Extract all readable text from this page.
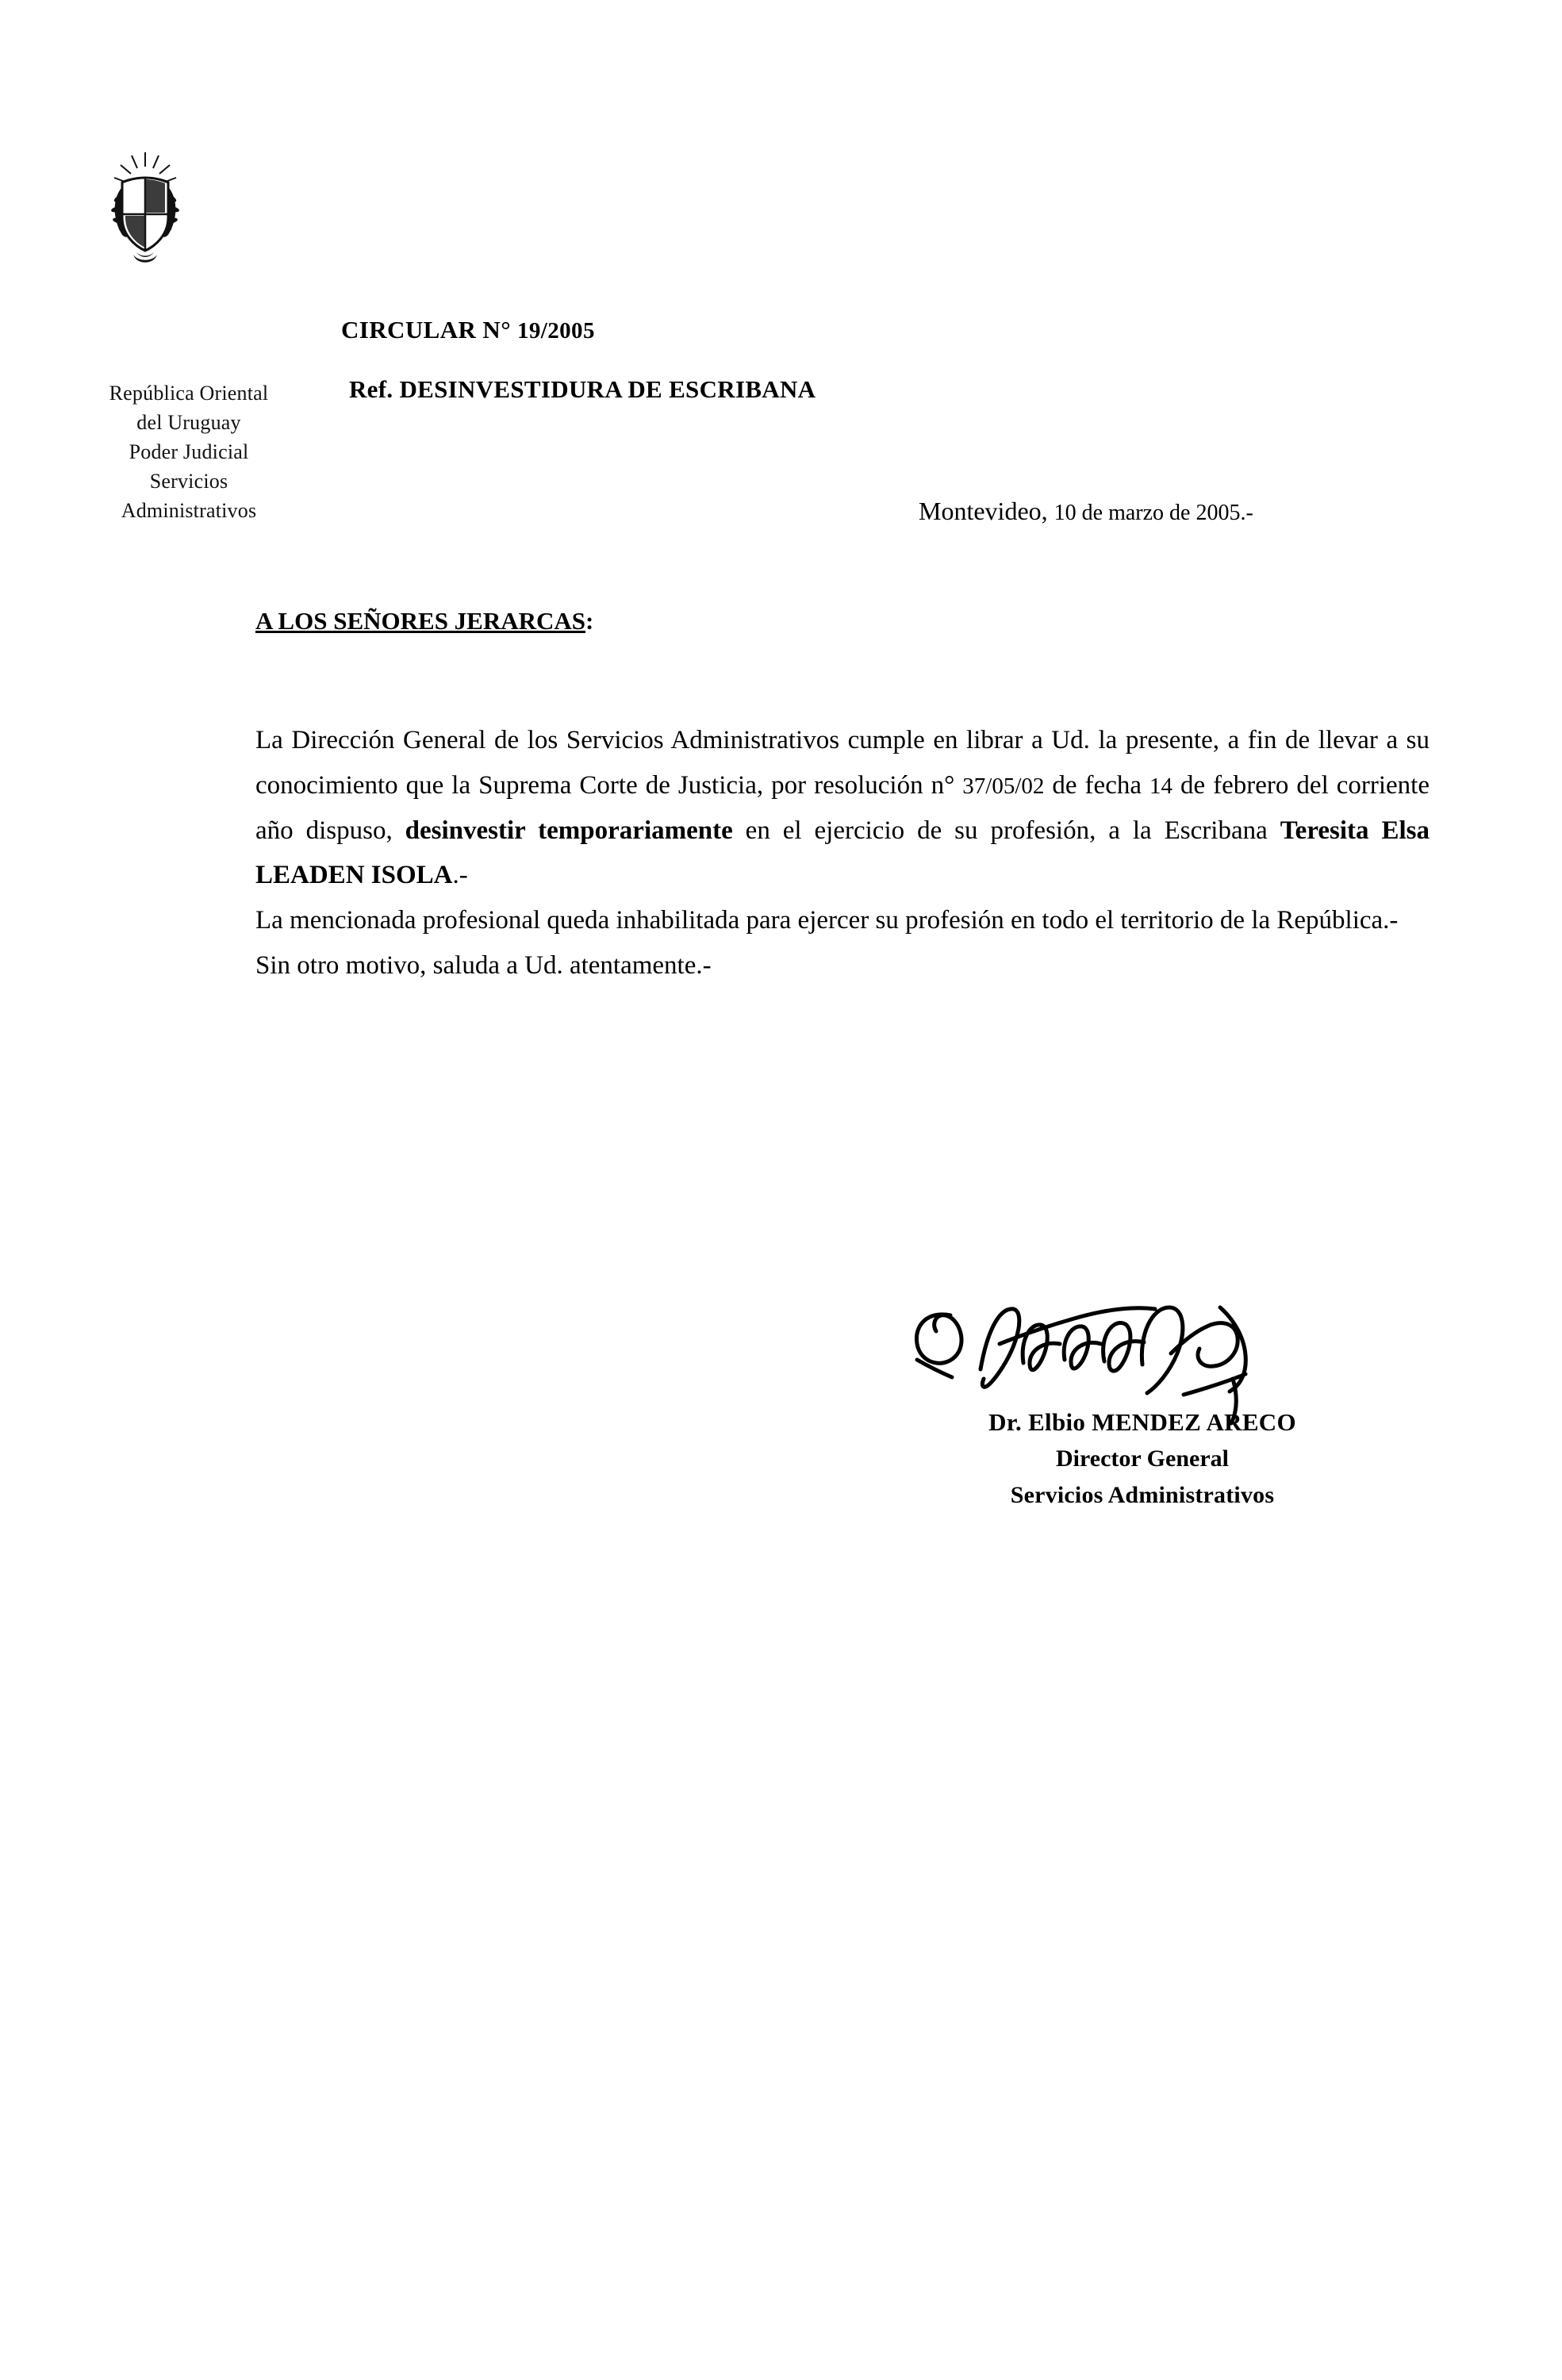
República Oriental
del Uruguay
Poder Judicial
Servicios
Administrativos
CIRCULAR N° 19/2005
Ref. DESINVESTIDURA DE ESCRIBANA
Montevideo, 10 de marzo de 2005.-
A LOS SEÑORES JERARCAS:

La Dirección General de los Servicios Administrativos cumple en librar a Ud. la presente, a fin de llevar a su conocimiento que la Suprema Corte de Justicia, por resolución n° 37/05/02 de fecha 14 de febrero del corriente año dispuso, desinvestir temporariamente en el ejercicio de su profesión, a la Escribana Teresita Elsa LEADEN ISOLA.-

La mencionada profesional queda inhabilitada para ejercer su profesión en todo el territorio de la República.-

Sin otro motivo, saluda a Ud. atentamente.-

Dr. Elbio MENDEZ ARECO
Director General
Servicios Administrativos
